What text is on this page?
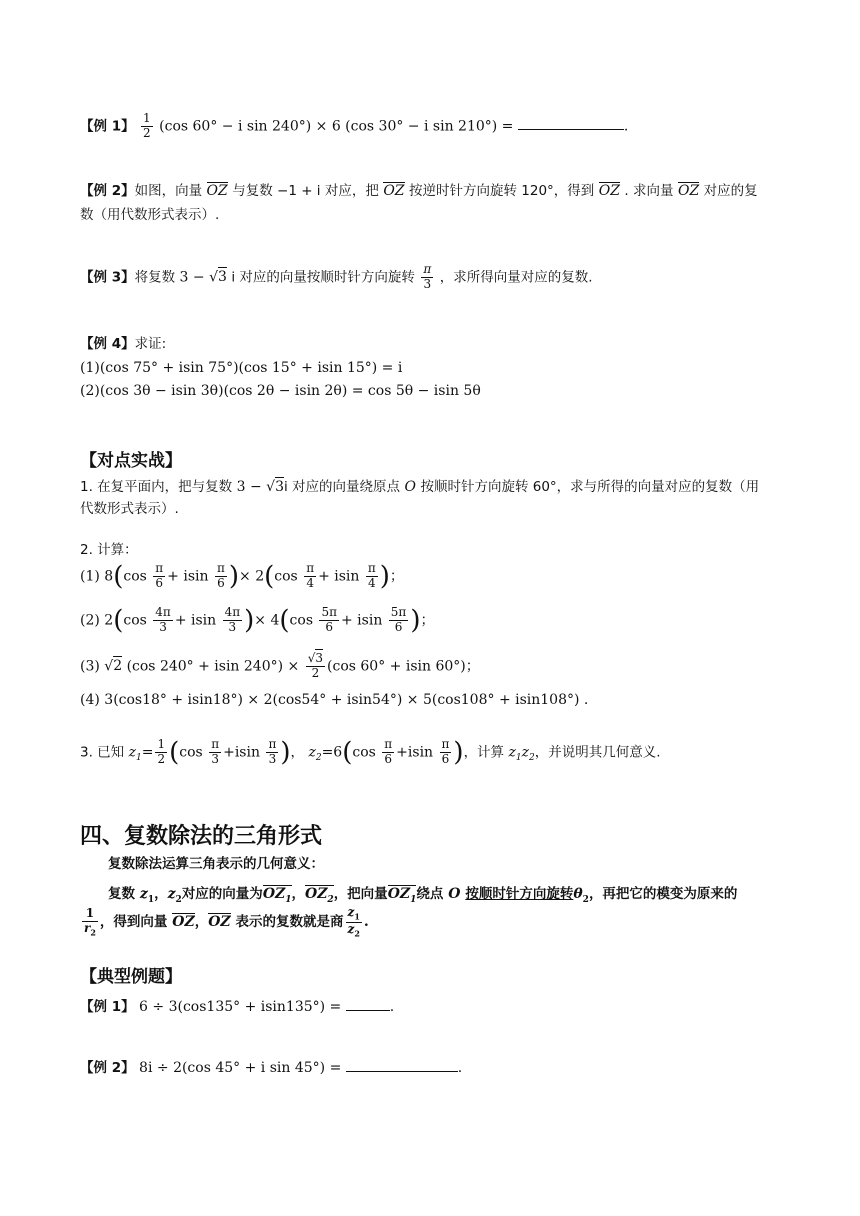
【例 1】 $\frac{1}{2} (\cos$ 60° − i sin 240°) × 6 (cos 30° − i sin 210°) =	.
【例 2】如图，向量 OZ 与复数 −1 + i 对应，把 OZ 按逆时针方向旋转 120°，得到 OZ . 求向量 OZ 对应的复
数（用代数形式表示）.
【例 3】将复数 3 − √3 i 对应的向量按顺时针方向旋转 $\frac{\pi}{3}$ ，求所得向量对应的复数.
【例 4】求证:
(1)(cos 75° + isin 75°)(cos 15° + isin 15°) = i
(2)(cos 3θ − isin 3θ)(cos 2θ − isin 2θ) = cos 5θ − isin 5θ
【对点实战】
1. 在复平面内，把与复数 3 − √3i 对应的向量绕原点 O 按顺时针方向旋转 60°，求与所得的向量对应的复数（用
代数形式表示）.
2. 计算：
(1) $8(\cos \frac{\pi}{6} + isin \frac{\pi}{6}$ )× $2(\cos \frac{\pi}{4} + isin \frac{\pi}{4}$ )；
(2) $2(\cos \frac{4\pi}{3} + isin \frac{4\pi}{3}$ )× $4(\cos \frac{5\pi}{6} + isin \frac{5\pi}{6}$ )；
(3) √2 (cos 240° + isin $240^\circ) \times \frac{√3}{2} (\cos$ 60° + isin 60°)；
(4) 3(cos18° + isin18°) × 2(cos54° + isin54°) × 5(cos108° + isin108°) .
3. 已知 $z_1= \frac{1}{2} (\cos \frac{\pi}{3} +isin \frac{\pi}{3}$ )， $z_2=6(\cos \frac{\pi}{6} +isin \frac{\pi}{6}$ )，计算 $z_1z_2$，并说明其几何意义.
四、复数除法的三角形式
复数除法运算三角表示的几何意义：
复数 $z_1$，$z_2$对应的向量为$OZ_1$，$OZ_2$，把向量$OZ_1$绕点 O 按顺时针方向旋转$\theta_2$，再把它的模变为原来的
$\frac{1}{r_2}$ ，得到向量 OZ，OZ 表示的复数就是商 $\frac{z_1}{z_2}$ .
【典型例题】
【例 1】 6 ÷ 3(cos135° + isin135°) =	.
【例 2】 8i ÷ 2(cos 45° + i sin 45°) =	.
